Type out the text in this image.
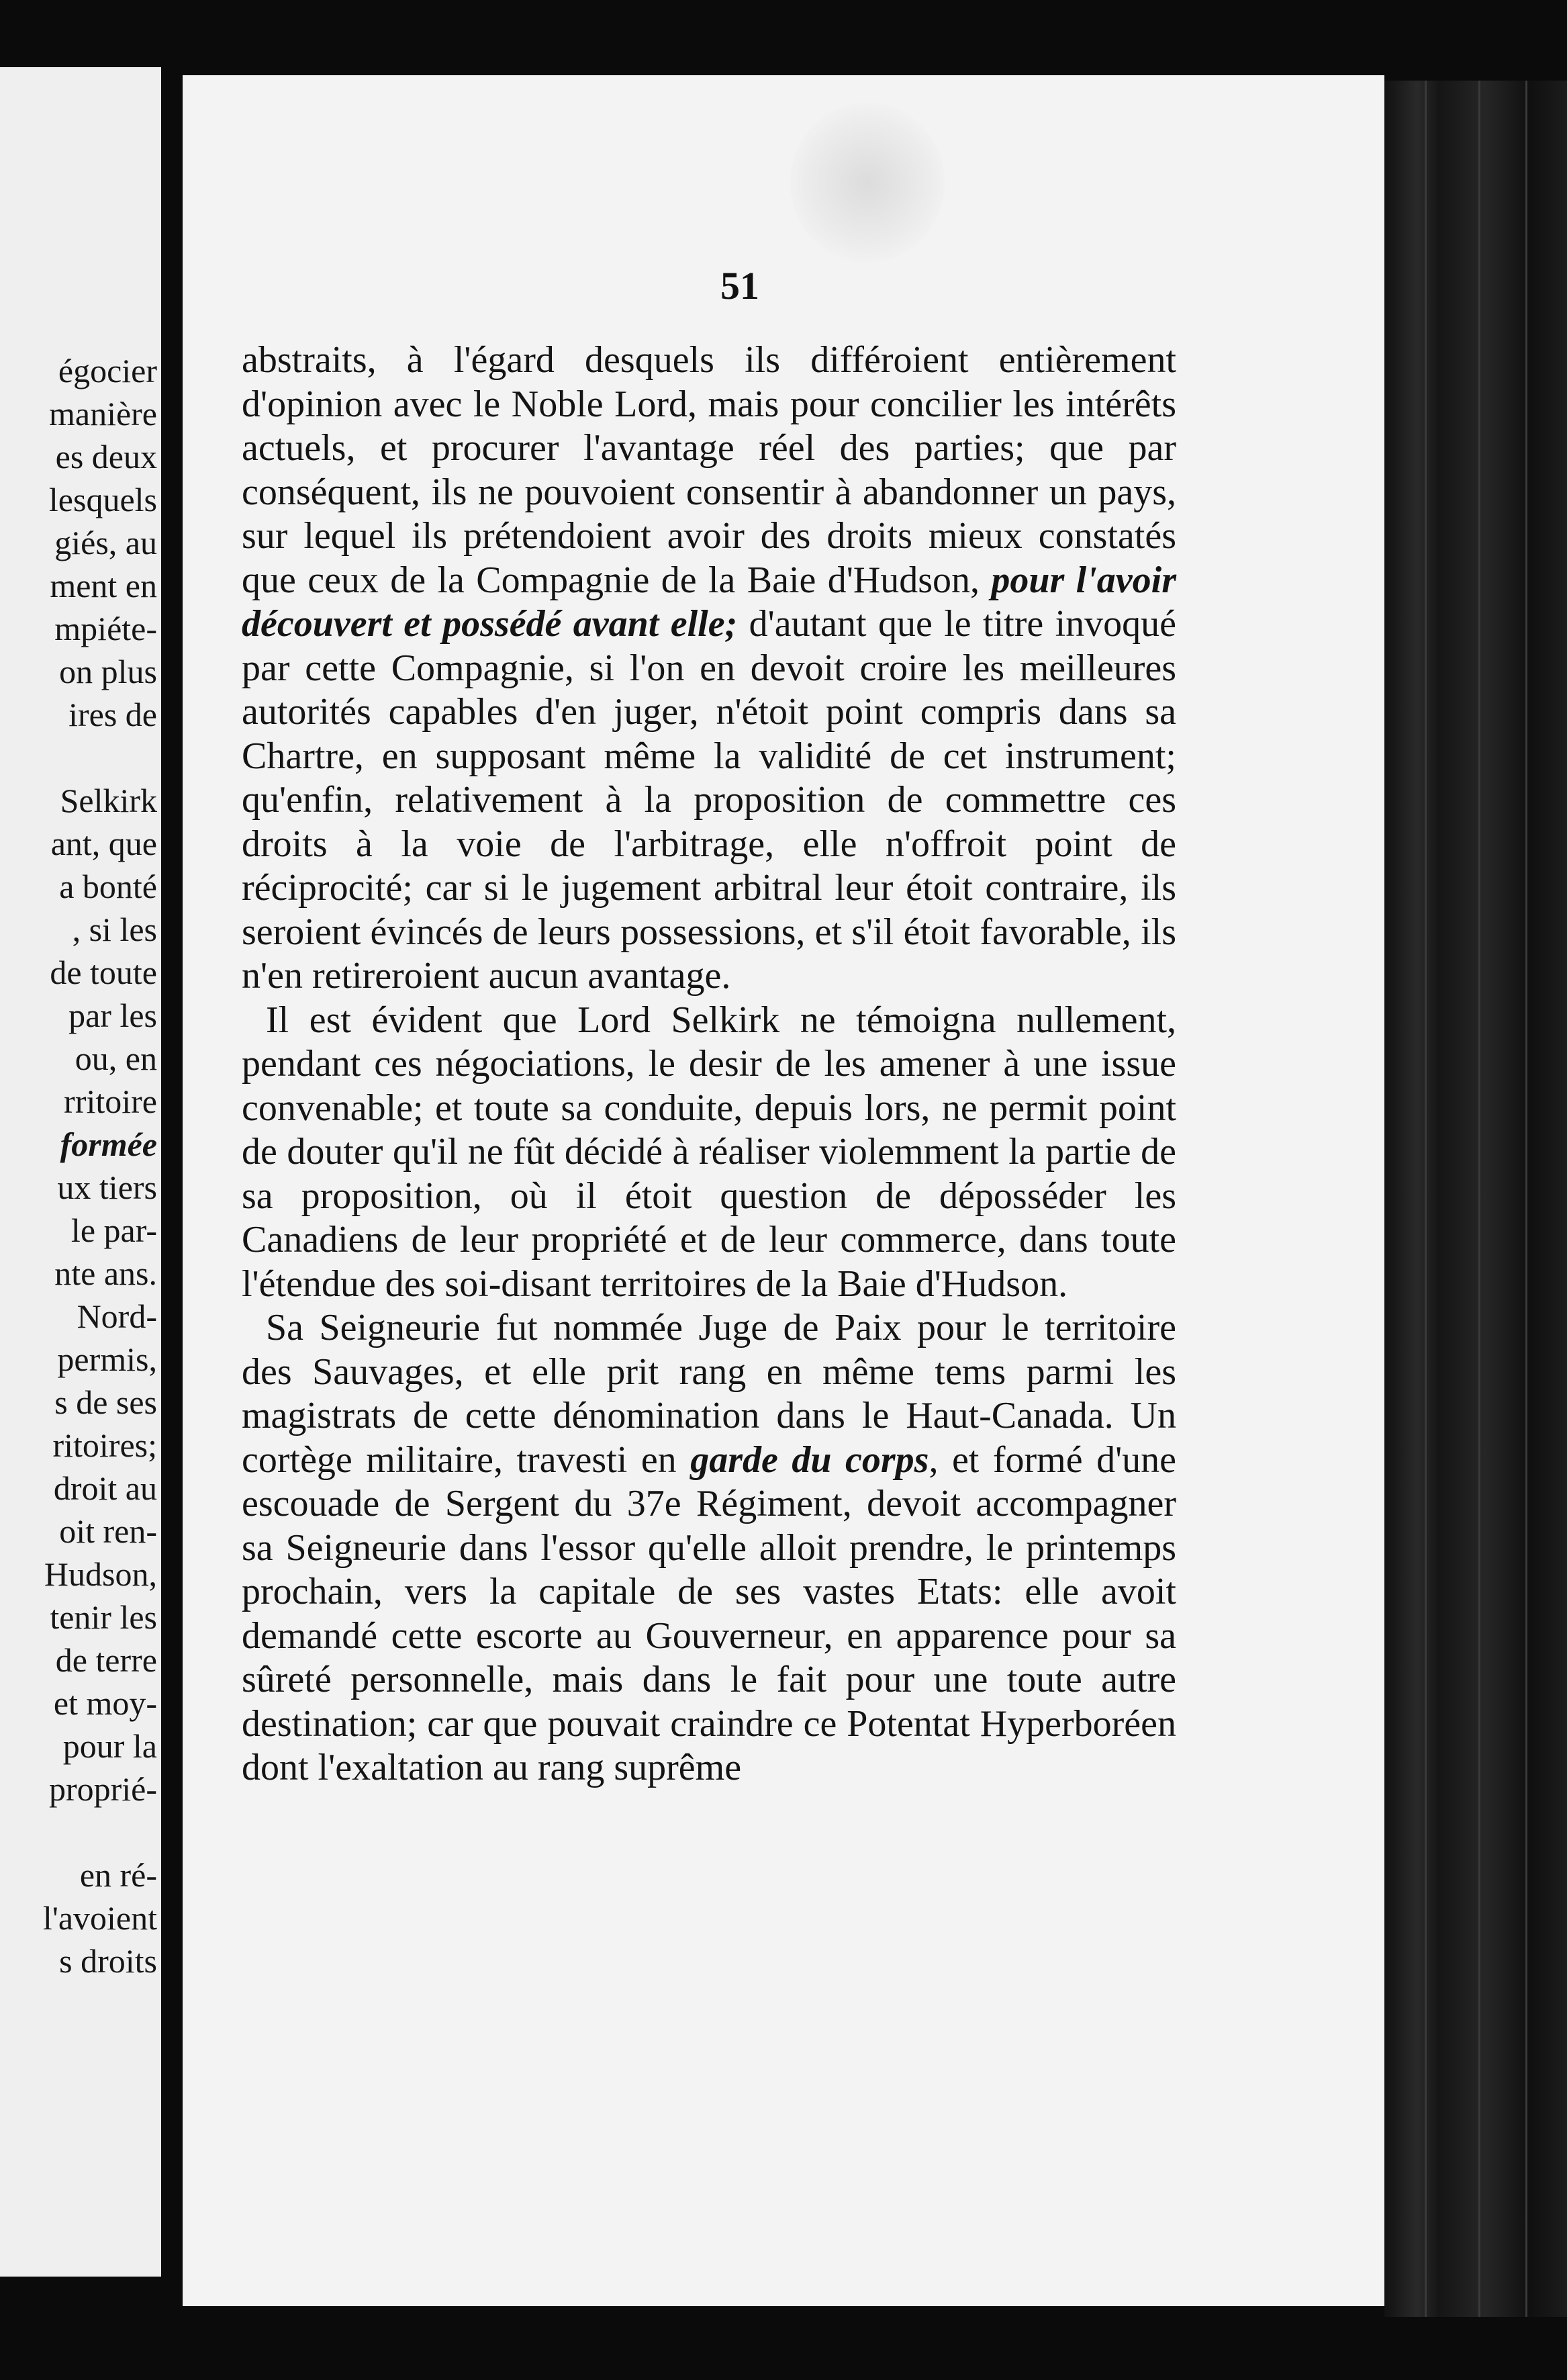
égocier

manière

es deux

lesquels

giés, au

ment en

mpiéte-

on plus

ires de

Selkirk

ant, que

a bonté

, si les

de toute

par les

ou, en

rritoire

formée

ux tiers

le par-

nte ans.

Nord-

permis,

s de ses

ritoires;

droit au

oit ren-

Hudson,

tenir les

de terre

et moy-

pour la

proprié-

en ré-

l'avoient

s droits

51

abstraits, à l'égard desquels ils différoient entièrement d'opinion avec le Noble Lord, mais pour concilier les intérêts actuels, et procurer l'avantage réel des parties; que par conséquent, ils ne pouvoient consentir à abandonner un pays, sur lequel ils prétendoient avoir des droits mieux constatés que ceux de la Compagnie de la Baie d'Hudson, pour l'avoir découvert et possédé avant elle; d'autant que le titre invoqué par cette Compagnie, si l'on en devoit croire les meilleures autorités capables d'en juger, n'étoit point compris dans sa Chartre, en supposant même la validité de cet instrument; qu'enfin, relativement à la proposition de commettre ces droits à la voie de l'arbitrage, elle n'offroit point de réciprocité; car si le jugement arbitral leur étoit contraire, ils seroient évincés de leurs possessions, et s'il étoit favorable, ils n'en retireroient aucun avantage.

Il est évident que Lord Selkirk ne témoigna nullement, pendant ces négociations, le desir de les amener à une issue convenable; et toute sa conduite, depuis lors, ne permit point de douter qu'il ne fût décidé à réaliser violemment la partie de sa proposition, où il étoit question de déposséder les Canadiens de leur propriété et de leur commerce, dans toute l'étendue des soi-disant territoires de la Baie d'Hudson.

Sa Seigneurie fut nommée Juge de Paix pour le territoire des Sauvages, et elle prit rang en même tems parmi les magistrats de cette dénomination dans le Haut-Canada. Un cortège militaire, travesti en garde du corps, et formé d'une escouade de Sergent du 37e Régiment, devoit accompagner sa Seigneurie dans l'essor qu'elle alloit prendre, le printemps prochain, vers la capitale de ses vastes Etats: elle avoit demandé cette escorte au Gouverneur, en apparence pour sa sûreté personnelle, mais dans le fait pour une toute autre destination; car que pouvait craindre ce Potentat Hyperboréen dont l'exaltation au rang suprême
